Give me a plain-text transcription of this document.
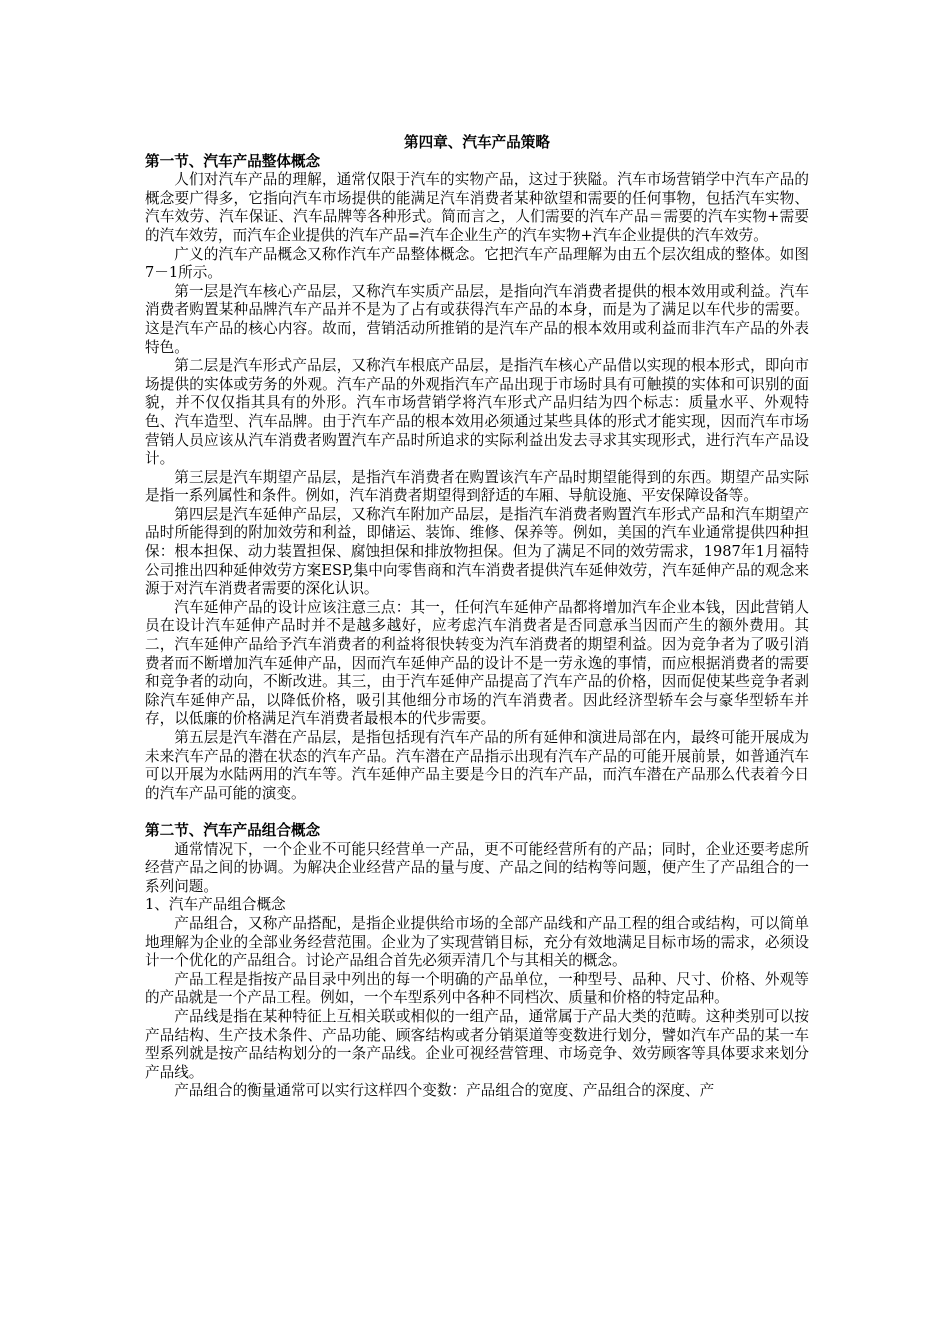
第四章、汽车产品策略

第一节、汽车产品整体概念

人们对汽车产品的理解，通常仅限于汽车的实物产品，这过于狭隘。汽车市场营销学中汽车产品的概念要广得多，它指向汽车市场提供的能满足汽车消费者某种欲望和需要的任何事物，包括汽车实物、汽车效劳、汽车保证、汽车品牌等各种形式。简而言之，人们需要的汽车产品＝需要的汽车实物+需要的汽车效劳，而汽车企业提供的汽车产品=汽车企业生产的汽车实物+汽车企业提供的汽车效劳。

广义的汽车产品概念又称作汽车产品整体概念。它把汽车产品理解为由五个层次组成的整体。如图7－1所示。

第一层是汽车核心产品层，又称汽车实质产品层，是指向汽车消费者提供的根本效用或利益。汽车消费者购置某种品牌汽车产品并不是为了占有或获得汽车产品的本身，而是为了满足以车代步的需要。这是汽车产品的核心内容。故而，营销活动所推销的是汽车产品的根本效用或利益而非汽车产品的外表特色。

第二层是汽车形式产品层，又称汽车根底产品层，是指汽车核心产品借以实现的根本形式，即向市场提供的实体或劳务的外观。汽车产品的外观指汽车产品出现于市场时具有可触摸的实体和可识别的面貌，并不仅仅指其具有的外形。汽车市场营销学将汽车形式产品归结为四个标志：质量水平、外观特色、汽车造型、汽车品牌。由于汽车产品的根本效用必须通过某些具体的形式才能实现，因而汽车市场营销人员应该从汽车消费者购置汽车产品时所追求的实际利益出发去寻求其实现形式，进行汽车产品设计。

第三层是汽车期望产品层，是指汽车消费者在购置该汽车产品时期望能得到的东西。期望产品实际是指一系列属性和条件。例如，汽车消费者期望得到舒适的车厢、导航设施、平安保障设备等。

第四层是汽车延伸产品层，又称汽车附加产品层，是指汽车消费者购置汽车形式产品和汽车期望产品时所能得到的附加效劳和利益，即储运、装饰、维修、保养等。例如，美国的汽车业通常提供四种担保：根本担保、动力装置担保、腐蚀担保和排放物担保。但为了满足不同的效劳需求，1987年1月福特公司推出四种延伸效劳方案ESP,集中向零售商和汽车消费者提供汽车延伸效劳，汽车延伸产品的观念来源于对汽车消费者需要的深化认识。

汽车延伸产品的设计应该注意三点：其一，任何汽车延伸产品都将增加汽车企业本钱，因此营销人员在设计汽车延伸产品时并不是越多越好，应考虑汽车消费者是否同意承当因而产生的额外费用。其二，汽车延伸产品给予汽车消费者的利益将很快转变为汽车消费者的期望利益。因为竞争者为了吸引消费者而不断增加汽车延伸产品，因而汽车延伸产品的设计不是一劳永逸的事情，而应根据消费者的需要和竞争者的动向，不断改进。其三，由于汽车延伸产品提高了汽车产品的价格，因而促使某些竞争者剥除汽车延伸产品，以降低价格，吸引其他细分市场的汽车消费者。因此经济型轿车会与豪华型轿车并存，以低廉的价格满足汽车消费者最根本的代步需要。

第五层是汽车潜在产品层，是指包括现有汽车产品的所有延伸和演进局部在内，最终可能开展成为未来汽车产品的潜在状态的汽车产品。汽车潜在产品指示出现有汽车产品的可能开展前景，如普通汽车可以开展为水陆两用的汽车等。汽车延伸产品主要是今日的汽车产品，而汽车潜在产品那么代表着今日的汽车产品可能的演变。

第二节、汽车产品组合概念

通常情况下，一个企业不可能只经营单一产品，更不可能经营所有的产品；同时，企业还要考虑所经营产品之间的协调。为解决企业经营产品的量与度、产品之间的结构等问题，便产生了产品组合的一系列问题。

1、汽车产品组合概念

产品组合，又称产品搭配，是指企业提供给市场的全部产品线和产品工程的组合或结构，可以简单地理解为企业的全部业务经营范围。企业为了实现营销目标，充分有效地满足目标市场的需求，必须设计一个优化的产品组合。讨论产品组合首先必须弄清几个与其相关的概念。

产品工程是指按产品目录中列出的每一个明确的产品单位，一种型号、品种、尺寸、价格、外观等的产品就是一个产品工程。例如，一个车型系列中各种不同档次、质量和价格的特定品种。

产品线是指在某种特征上互相关联或相似的一组产品，通常属于产品大类的范畴。这种类别可以按产品结构、生产技术条件、产品功能、顾客结构或者分销渠道等变数进行划分，譬如汽车产品的某一车型系列就是按产品结构划分的一条产品线。企业可视经营管理、市场竞争、效劳顾客等具体要求来划分产品线。

产品组合的衡量通常可以实行这样四个变数：产品组合的宽度、产品组合的深度、产
